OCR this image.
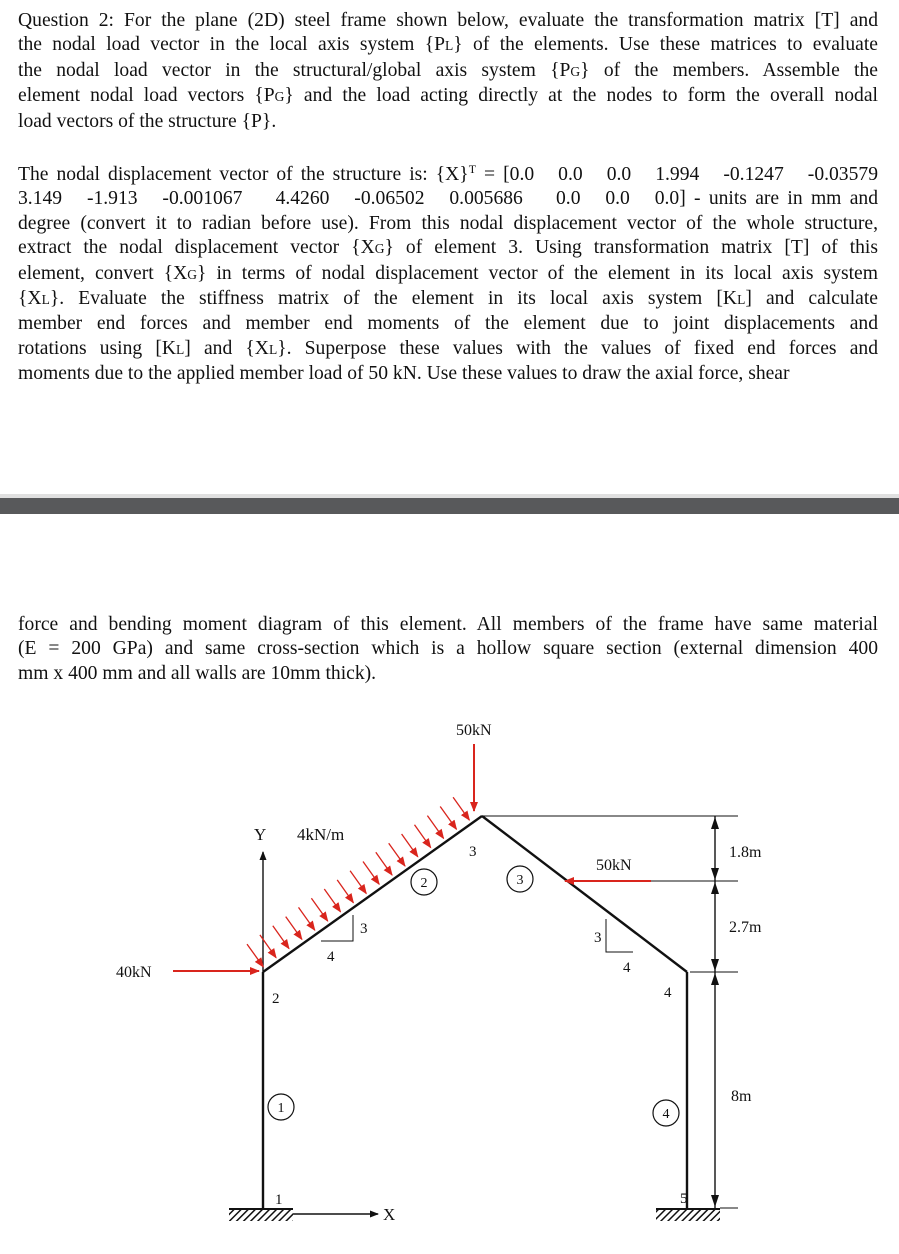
Question 2: For the plane (2D) steel frame shown below, evaluate the transformation matrix [T] and
the nodal load vector in the local axis system {PL} of the elements. Use these matrices to evaluate
the nodal load vector in the structural/global axis system {PG} of the members. Assemble the
element nodal load vectors {PG} and the load acting directly at the nodes to form the overall nodal
load vectors of the structure {P}.
The nodal displacement vector of the structure is: $\{X\}^T = [0.0$   0.0   0.0   1.994   -0.1247   -0.03579
3.149   -1.913   -0.001067    4.4260   -0.06502   0.005686    0.0   0.0   0.0] - units are in mm and
degree (convert it to radian before use). From this nodal displacement vector of the whole structure,
extract the nodal displacement vector {XG} of element 3. Using transformation matrix [T] of this
element, convert {XG} in terms of nodal displacement vector of the element in its local axis system
{XL}. Evaluate the stiffness matrix of the element in its local axis system [KL] and calculate
member end forces and member end moments of the element due to joint displacements and
rotations using [KL] and {XL}. Superpose these values with the values of fixed end forces and
moments due to the applied member load of 50 kN. Use these values to draw the axial force, shear
force and bending moment diagram of this element. All members of the frame have same material
(E = 200 GPa) and same cross-section which is a hollow square section (external dimension 400
mm x 400 mm and all walls are 10mm thick).
Y
X
4kN/m
50kN
40kN
50kN
3
4
3
4
1
2
3
4
5
1
2	3
4
1.8m
2.7m
8m
